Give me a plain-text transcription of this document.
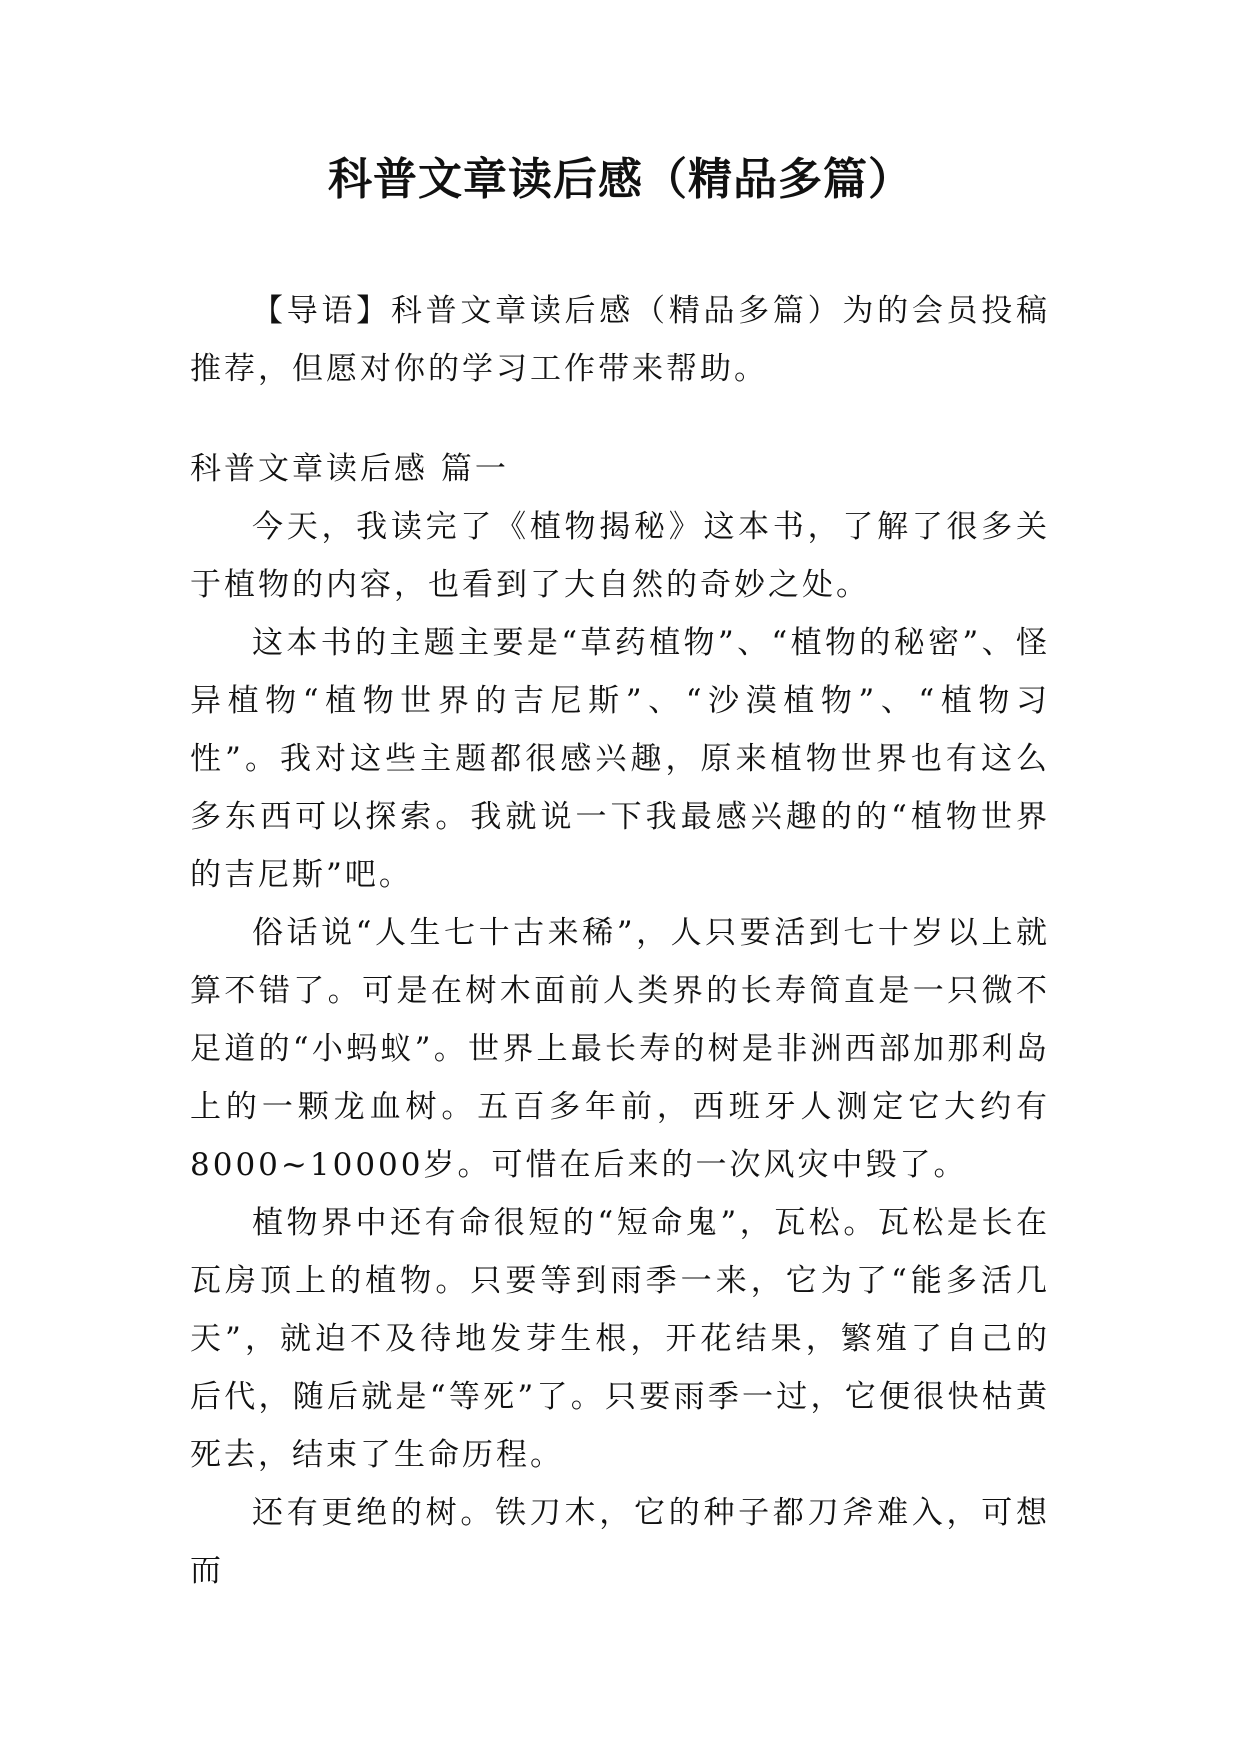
科普文章读后感（精品多篇）

【导语】科普文章读后感（精品多篇）为的会员投稿推荐，但愿对你的学习工作带来帮助。

科普文章读后感 篇一

今天，我读完了《植物揭秘》这本书，了解了很多关于植物的内容，也看到了大自然的奇妙之处。

这本书的主题主要是“草药植物”、“植物的秘密”、怪异植物“植物世界的吉尼斯”、“沙漠植物”、“植物习性”。我对这些主题都很感兴趣，原来植物世界也有这么多东西可以探索。我就说一下我最感兴趣的的“植物世界的吉尼斯”吧。

俗话说“人生七十古来稀”，人只要活到七十岁以上就算不错了。可是在树木面前人类界的长寿简直是一只微不足道的“小蚂蚁”。世界上最长寿的树是非洲西部加那利岛上的一颗龙血树。五百多年前，西班牙人测定它大约有8000~10000岁。可惜在后来的一次风灾中毁了。

植物界中还有命很短的“短命鬼”，瓦松。瓦松是长在瓦房顶上的植物。只要等到雨季一来，它为了“能多活几天”，就迫不及待地发芽生根，开花结果，繁殖了自己的后代，随后就是“等死”了。只要雨季一过，它便很快枯黄死去，结束了生命历程。

还有更绝的树。铁刀木，它的种子都刀斧难入，可想而
